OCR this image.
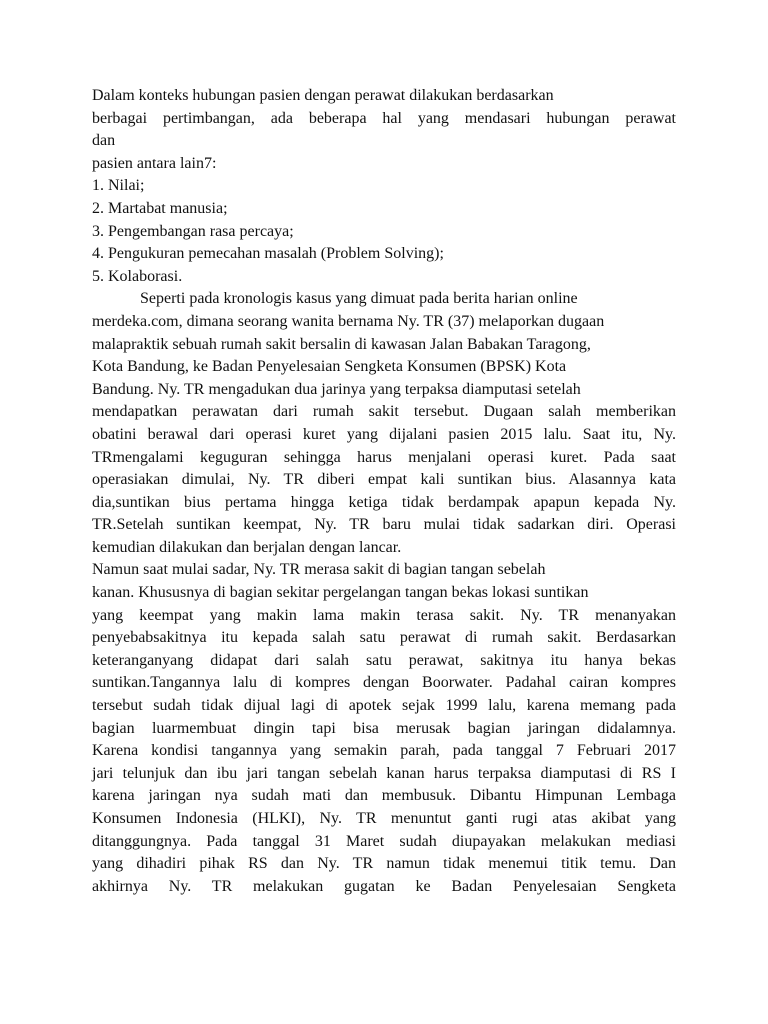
Dalam konteks hubungan pasien dengan perawat dilakukan berdasarkan
berbagai pertimbangan, ada beberapa hal yang mendasari hubungan perawat
dan
pasien antara lain7:
1. Nilai;
2. Martabat manusia;
3. Pengembangan rasa percaya;
4. Pengukuran pemecahan masalah (Problem Solving);
5. Kolaborasi.
Seperti pada kronologis kasus yang dimuat pada berita harian online
merdeka.com, dimana seorang wanita bernama Ny. TR (37) melaporkan dugaan
malapraktik sebuah rumah sakit bersalin di kawasan Jalan Babakan Taragong,
Kota Bandung, ke Badan Penyelesaian Sengketa Konsumen (BPSK) Kota
Bandung. Ny. TR mengadukan dua jarinya yang terpaksa diamputasi setelah
mendapatkan perawatan dari rumah sakit tersebut. Dugaan salah memberikan
obatini berawal dari operasi kuret yang dijalani pasien 2015 lalu. Saat itu, Ny.
TRmengalami keguguran sehingga harus menjalani operasi kuret. Pada saat
operasiakan dimulai, Ny. TR diberi empat kali suntikan bius. Alasannya kata
dia,suntikan bius pertama hingga ketiga tidak berdampak apapun kepada Ny.
TR.Setelah suntikan keempat, Ny. TR baru mulai tidak sadarkan diri. Operasi
kemudian dilakukan dan berjalan dengan lancar.
Namun saat mulai sadar, Ny. TR merasa sakit di bagian tangan sebelah
kanan. Khususnya di bagian sekitar pergelangan tangan bekas lokasi suntikan
yang keempat yang makin lama makin terasa sakit. Ny. TR menanyakan
penyebabsakitnya itu kepada salah satu perawat di rumah sakit. Berdasarkan
keteranganyang didapat dari salah satu perawat, sakitnya itu hanya bekas
suntikan.Tangannya lalu di kompres dengan Boorwater. Padahal cairan kompres
tersebut sudah tidak dijual lagi di apotek sejak 1999 lalu, karena memang pada
bagian luarmembuat dingin tapi bisa merusak bagian jaringan didalamnya.
Karena kondisi tangannya yang semakin parah, pada tanggal 7 Februari 2017
jari telunjuk dan ibu jari tangan sebelah kanan harus terpaksa diamputasi di RS I
karena jaringan nya sudah mati dan membusuk. Dibantu Himpunan Lembaga
Konsumen Indonesia (HLKI), Ny. TR menuntut ganti rugi atas akibat yang
ditanggungnya. Pada tanggal 31 Maret sudah diupayakan melakukan mediasi
yang dihadiri pihak RS dan Ny. TR namun tidak menemui titik temu. Dan
akhirnya Ny. TR melakukan gugatan ke Badan Penyelesaian Sengketa
